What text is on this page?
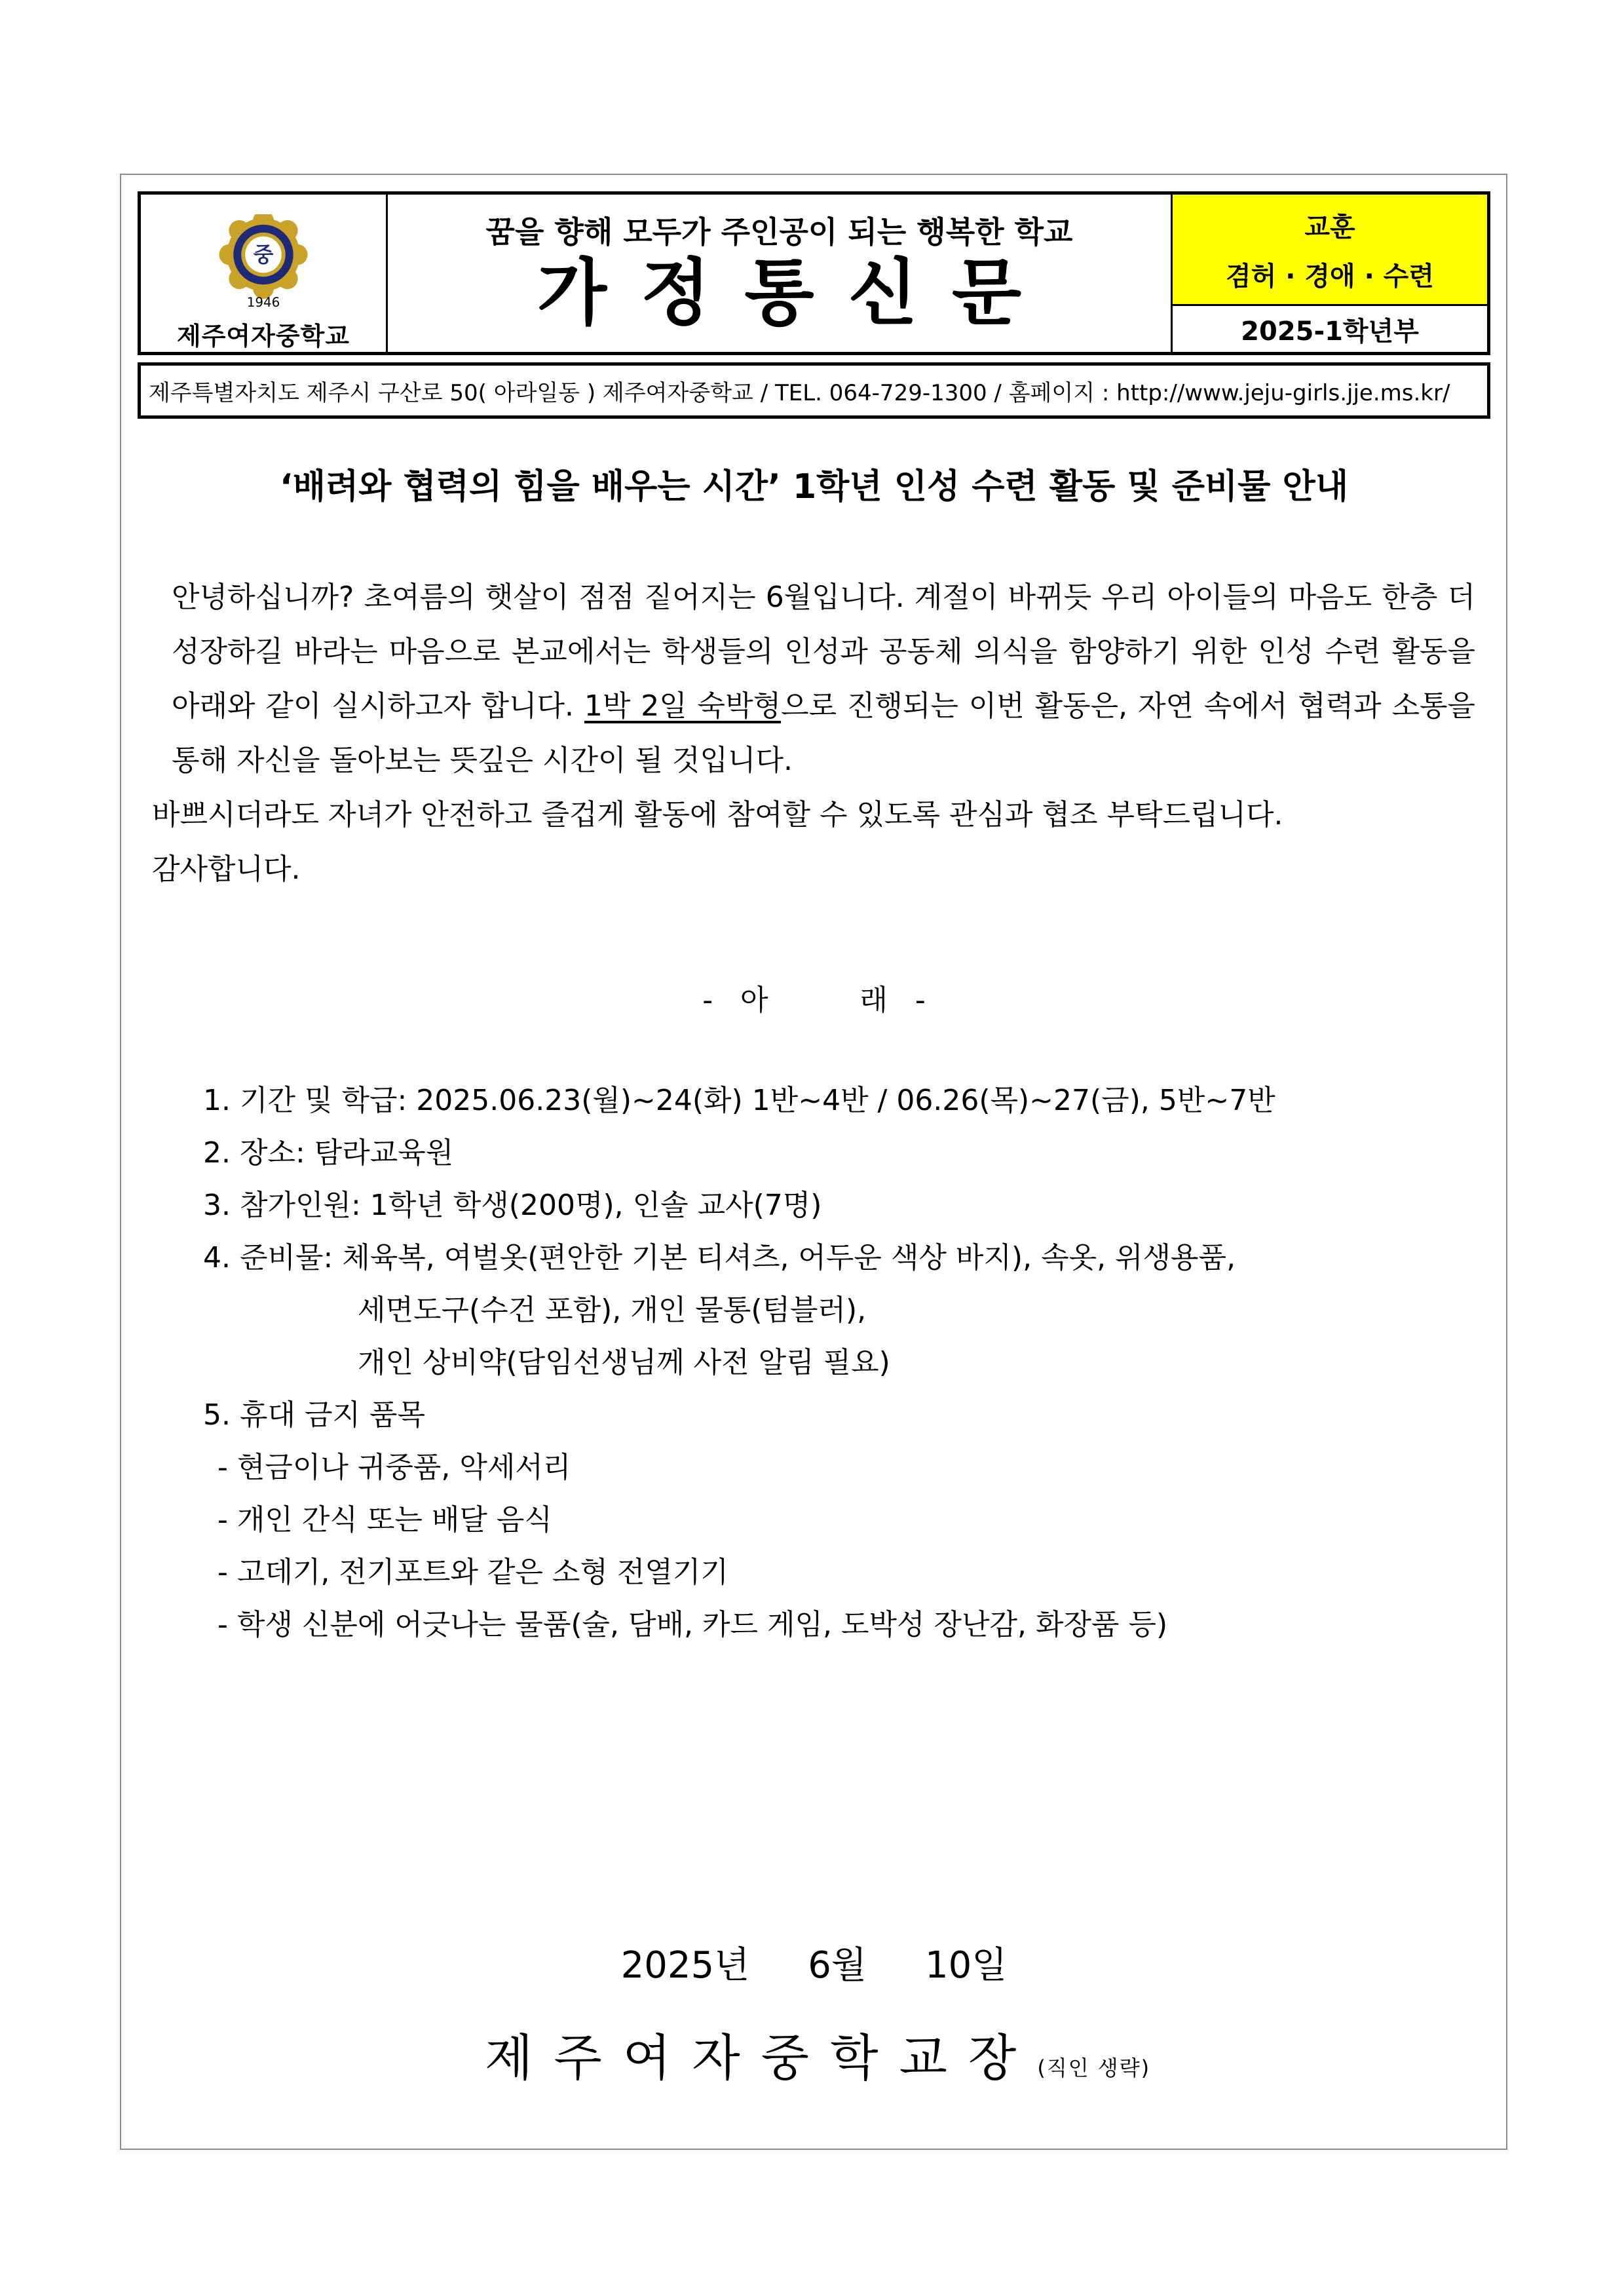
중
1946
제주여자중학교
꿈을 향해 모두가 주인공이 되는 행복한 학교
가정통신문
교훈
겸허 · 경애 · 수련
2025-1학년부
제주특별자치도 제주시 구산로 50( 아라일동 ) 제주여자중학교 / TEL. 064-729-1300 / 홈페이지 : http://www.jeju-girls.jje.ms.kr/
‘배려와 협력의 힘을 배우는 시간’ 1학년 인성 수련 활동 및 준비물 안내

안녕하십니까? 초여름의 햇살이 점점 짙어지는 6월입니다. 계절이 바뀌듯 우리 아이들의 마음도 한층 더 성장하길 바라는 마음으로 본교에서는 학생들의 인성과 공동체 의식을 함양하기 위한 인성 수련 활동을 아래와 같이 실시하고자 합니다. 1박 2일 숙박형으로 진행되는 이번 활동은, 자연 속에서 협력과 소통을 통해 자신을 돌아보는 뜻깊은 시간이 될 것입니다.

바쁘시더라도 자녀가 안전하고 즐겁게 활동에 참여할 수 있도록 관심과 협조 부탁드립니다.

감사합니다.

-   아          래   -
1. 기간 및 학급: 2025.06.23(월)~24(화) 1반~4반 / 06.26(목)~27(금), 5반~7반
2. 장소: 탐라교육원
3. 참가인원: 1학년 학생(200명), 인솔 교사(7명)
4. 준비물: 체육복, 여벌옷(편안한 기본 티셔츠, 어두운 색상 바지), 속옷, 위생용품,
세면도구(수건 포함), 개인 물통(텀블러),
개인 상비약(담임선생님께 사전 알림 필요)
5. 휴대 금지 품목
- 현금이나 귀중품, 악세서리
- 개인 간식 또는 배달 음식
- 고데기, 전기포트와 같은 소형 전열기기
- 학생 신분에 어긋나는 물품(술, 담배, 카드 게임, 도박성 장난감, 화장품 등)
2025년     6월     10일
제주여자중학교장(직인 생략)
